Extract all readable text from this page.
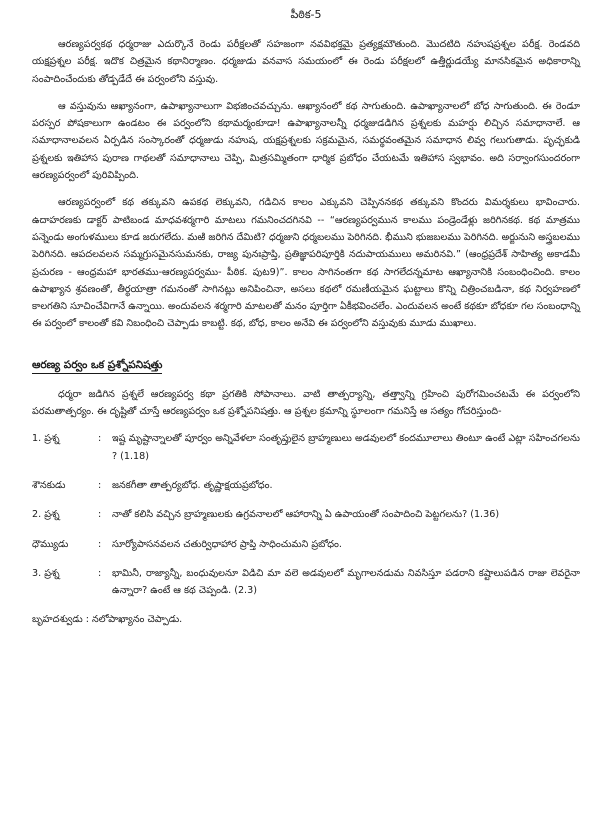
పీఠిక-5

ఆరణ్యపర్వకథ ధర్మరాజు ఎదుర్కొనే రెండు పరీక్షలతో సహజంగా నవవిభక్తమై ప్రత్యక్షమౌతుంది. మొదటిది నహుషప్రశ్నల పరీక్ష. రెండవది యక్షప్రశ్నల పరీక్ష. ఇదొక చిత్రమైన కథానిర్మాణం. ధర్మజుడు వనవాస సమయంలో ఈ రెండు పరీక్షలలో ఉత్తీర్ణుడయ్యే మానసికమైన అధికారాన్ని సంపాదించేందుకు తోడ్పడేదే ఈ పర్వంలోని వస్తువు.

ఆ వస్తువును ఆఖ్యానంగా, ఉపాఖ్యానాలుగా విభజించవచ్చును. ఆఖ్యానంలో కథ సాగుతుంది. ఉపాఖ్యానాలలో బోధ సాగుతుంది. ఈ రెండూ పరస్పర పోషకాలుగా ఉండటం ఈ పర్వంలోని కథామర్మంకూడా! ఉపాఖ్యానాలన్నీ ధర్మజుడడిగిన ప్రశ్నలకు మహర్షు లిచ్చిన సమాధానాలే. ఆ సమాధానాలవలన ఏర్పడిన సంస్కారంతో ధర్మజుడు నహుష, యక్షప్రశ్నలకు సక్రమమైన, సమర్థవంతమైన సమాధాన లివ్వ గలుగుతాడు. పృచ్ఛకుడి ప్రశ్నలకు ఇతిహాస పురాణ గాథలతో సమాధానాలు చెప్పి, మిత్రసమ్మితంగా ధార్మిక ప్రబోధం చేయటమే ఇతిహాస స్వభావం. అది సర్వాంగసుందరంగా ఆరణ్యపర్వంలో పురివిప్పింది.

ఆరణ్యపర్వంలో కథ తక్కువని ఉపకథ లెక్కువని, గడిచిన కాలం ఎక్కువని చెప్పిననకథ తక్కువని కొందరు విమర్శకులు భావించారు. ఉదాహరణకు డాక్టర్ పాటిబండ మాధవశర్మగారి మాటలు గమనించదగినవి -- “ఆరణ్యపర్వమున కాలము పండ్రెండేళ్లు జరిగినకథ. కథ మాత్రము పన్నెండు అంగుళములు కూడ జరుగలేదు. మఱి జరిగిన దేమిటి? ధర్మజుని ధర్మబలము పెరిగినది. భీముని భుజబలము పెరిగినది. అర్జునుని అస్త్రబలము పెరిగినది. ఆపదలవలన సమ్మగ్రుసమైనసుమనకు, రాజ్య పునఃప్రాప్తి, ప్రతిజ్ఞాపరిపూర్తికి నదుపాయములు అమరినవి.” (ఆంధ్రప్రదేశ్ సాహిత్య అకాడమీ ప్రచురణ - ఆంధ్రమహా భారతము-ఆరణ్యపర్వము- పీఠిక. పుట9)”. కాలం సాగినంతగా కథ సాగలేదన్నమాట ఆఖ్యానానికి సంబంధించింది. కాలం ఉపాఖ్యాన శ్రవణంతో, తీర్థయాత్రా గమనంతో సాగినట్లు అనిపించినా, అసలు కథలో రమణీయమైన ఘట్టాలు కొన్ని చిత్రించబడినా, కథ నిర్వహణలో కాలగతిని సూచించేవిగానే ఉన్నాయి. అందువలన శర్మగారి మాటలతో మనం పూర్తిగా ఏకీభవించలేం. ఎందువలన అంటే కథకూ బోధకూ గల సంబంధాన్ని ఈ పర్వంలో కాలంతో కవి నిబంధించి చెప్పాడు కాబట్టి. కథ, బోధ, కాలం అనేవి ఈ పర్వంలోని వస్తువుకు మూడు ముఖాలు.

ఆరణ్య పర్వం ఒక ప్రశ్నోపనిషత్తు

ధర్మరా జడిగిన ప్రశ్నలే ఆరణ్యపర్వ కథా ప్రగతికి సోపానాలు. వాటి తాత్పర్యాన్ని, తత్త్వాన్ని గ్రహించి పురోగమించటమే ఈ పర్వంలోని పరమతాత్పర్యం. ఈ దృష్టితో చూస్తే ఆరణ్యపర్వం ఒక ప్రశ్నోపనిషత్తు. ఆ ప్రశ్నల క్రమాన్ని స్థూలంగా గమనిస్తే ఆ సత్యం గోచరిస్తుంది-

1. ప్రశ్న	:	ఇష్ట మృష్టాన్నాలతో పూర్వం అన్నివేళలా సంతృప్తులైన బ్రాహ్మణులు అడవులలో కందమూలాలు తింటూ ఉంటే ఎట్లా సహించగలను ? (1.18)
శౌనకుడు	:	జనకగీతా తాత్పర్యబోధ. తృష్ణాక్షయప్రబోధం.
2. ప్రశ్న	:	నాతో కలిసి వచ్చిన బ్రాహ్మణులకు ఉగ్రవనాలలో ఆహారాన్ని ఏ ఉపాయంతో సంపాదించి పెట్టగలను? (1.36)
ధౌమ్యుడు	:	సూర్యోపాసనవలన చతుర్విధాహార ప్రాప్తి సాధించుమని ప్రబోధం.
3. ప్రశ్న	:	భామినీ, రాజ్యాన్నీ, బంధువులనూ విడిచి మా వలె అడవులలో మృగాలనడుమ నివసిస్తూ పడరాని కష్టాలుపడిన రాజు లెవరైనా ఉన్నారా? ఉంటే ఆ కథ చెప్పండి. (2.3)

బృహదశ్వుడు : నలోపాఖ్యానం చెప్పాడు.
